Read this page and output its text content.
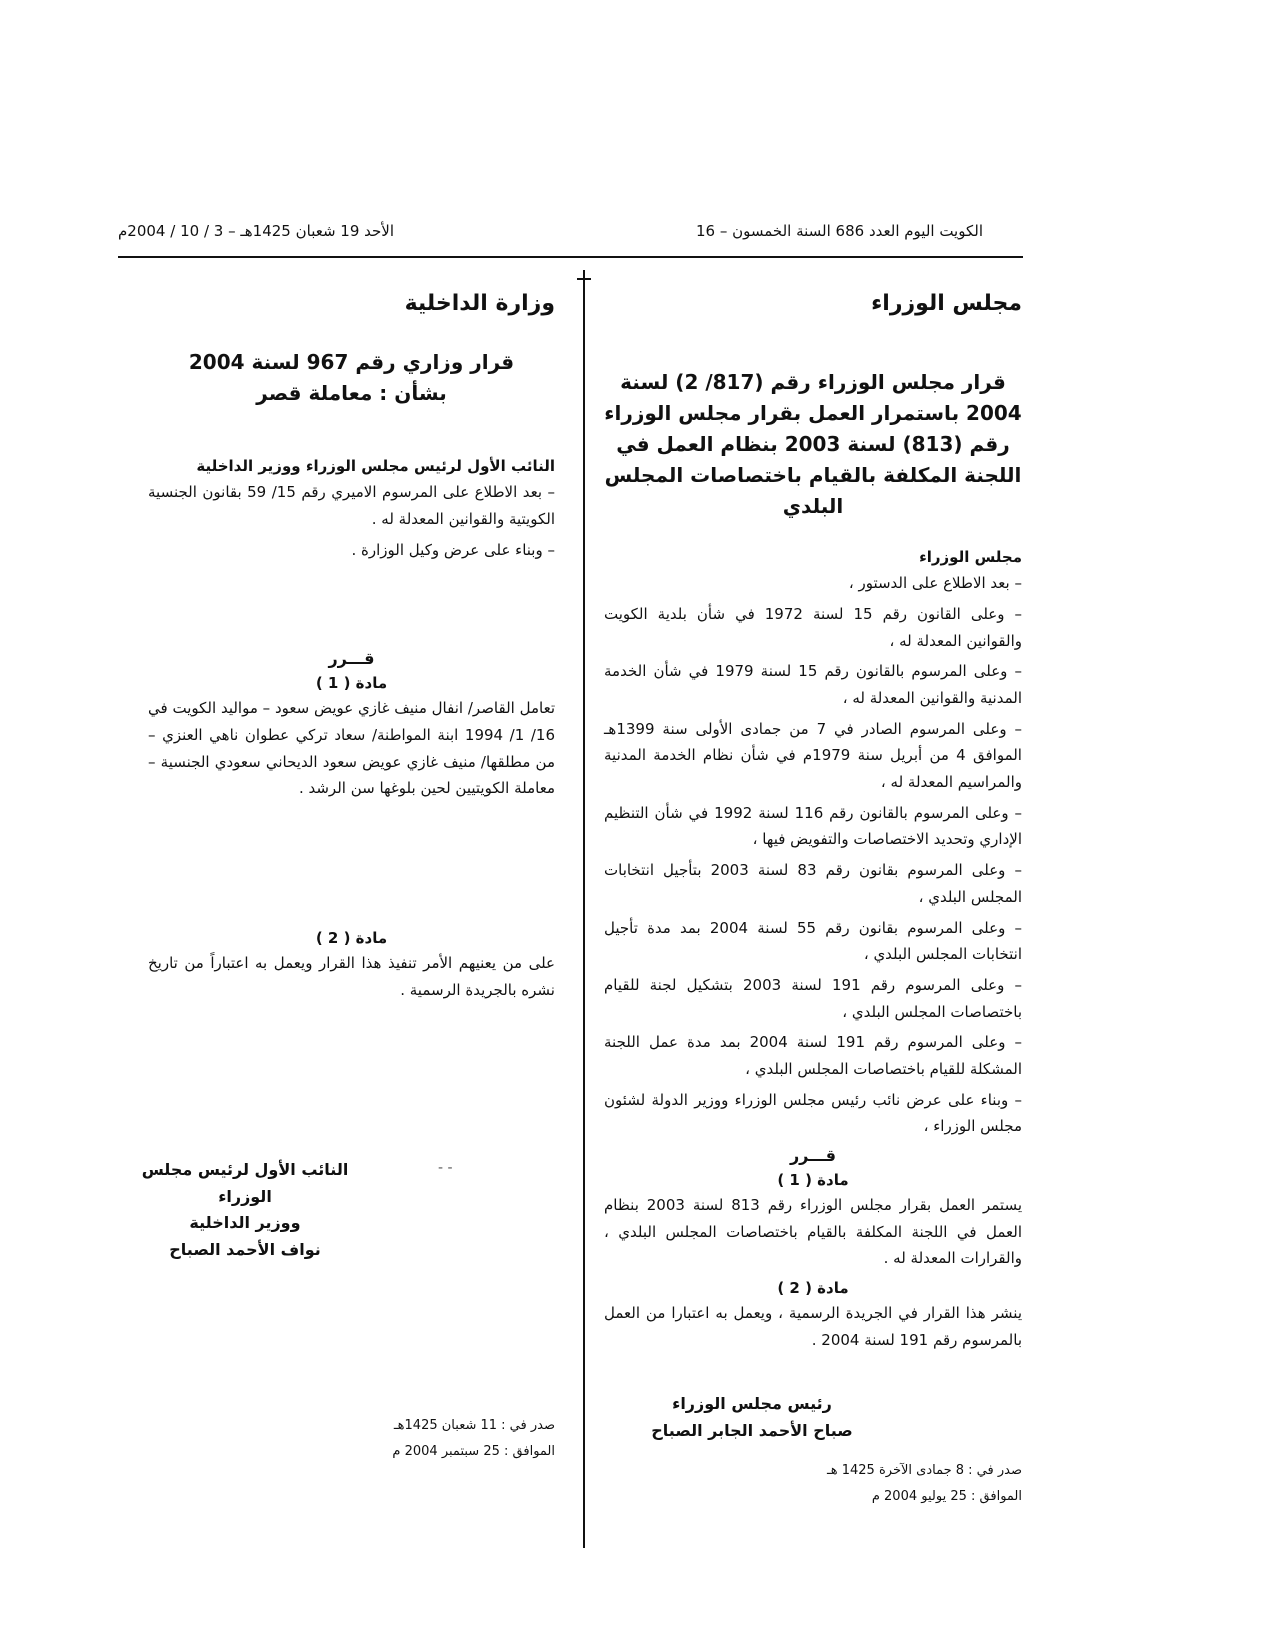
الكويت اليوم العدد 686 السنة الخمسون – 16
الأحد 19 شعبان 1425هـ – 3 / 10 / 2004م
مجلس الوزراء
قرار مجلس الوزراء رقم (817/ 2) لسنة 2004 باستمرار العمل بقرار مجلس الوزراء رقم (813) لسنة 2003 بنظام العمل في اللجنة المكلفة بالقيام باختصاصات المجلس البلدي
مجلس الوزراء
– بعد الاطلاع على الدستور ،
– وعلى القانون رقم 15 لسنة 1972 في شأن بلدية الكويت والقوانين المعدلة له ،
– وعلى المرسوم بالقانون رقم 15 لسنة 1979 في شأن الخدمة المدنية والقوانين المعدلة له ،
– وعلى المرسوم الصادر في 7 من جمادى الأولى سنة 1399هـ الموافق 4 من أبريل سنة 1979م في شأن نظام الخدمة المدنية والمراسيم المعدلة له ،
– وعلى المرسوم بالقانون رقم 116 لسنة 1992 في شأن التنظيم الإداري وتحديد الاختصاصات والتفويض فيها ،
– وعلى المرسوم بقانون رقم 83 لسنة 2003 بتأجيل انتخابات المجلس البلدي ،
– وعلى المرسوم بقانون رقم 55 لسنة 2004 بمد مدة تأجيل انتخابات المجلس البلدي ،
– وعلى المرسوم رقم 191 لسنة 2003 بتشكيل لجنة للقيام باختصاصات المجلس البلدي ،
– وعلى المرسوم رقم 191 لسنة 2004 بمد مدة عمل اللجنة المشكلة للقيام باختصاصات المجلس البلدي ،
– وبناء على عرض نائب رئيس مجلس الوزراء ووزير الدولة لشئون مجلس الوزراء ،
قـــرر
مادة ( 1 )
يستمر العمل بقرار مجلس الوزراء رقم 813 لسنة 2003 بنظام العمل في اللجنة المكلفة بالقيام باختصاصات المجلس البلدي ، والقرارات المعدلة له .
مادة ( 2 )
ينشر هذا القرار في الجريدة الرسمية ، ويعمل به اعتبارا من العمل بالمرسوم رقم 191 لسنة 2004 .
رئيس مجلس الوزراء
صباح الأحمد الجابر الصباح
صدر في : 8 جمادى الآخرة 1425 هـ
الموافق : 25 يوليو 2004 م
وزارة الداخلية
قرار وزاري رقم 967 لسنة 2004
بشأن : معاملة قصر
النائب الأول لرئيس مجلس الوزراء ووزير الداخلية
– بعد الاطلاع على المرسوم الاميري رقم 15/ 59 بقانون الجنسية الكويتية والقوانين المعدلة له .
– وبناء على عرض وكيل الوزارة .
قـــرر
مادة ( 1 )
تعامل القاصر/ انفال منيف غازي عويض سعود – مواليد الكويت في 16/ 1/ 1994 ابنة المواطنة/ سعاد تركي عطوان ناهي العنزي – من مطلقها/ منيف غازي عويض سعود الديحاني سعودي الجنسية – معاملة الكويتيين لحين بلوغها سن الرشد .
مادة ( 2 )
على من يعنيهم الأمر تنفيذ هذا القرار ويعمل به اعتباراً من تاريخ نشره بالجريدة الرسمية .
النائب الأول لرئيس مجلس الوزراء
ووزير الداخلية
نواف الأحمد الصباح
صدر في : 11 شعبان 1425هـ
الموافق : 25 سبتمبر 2004 م
- -
